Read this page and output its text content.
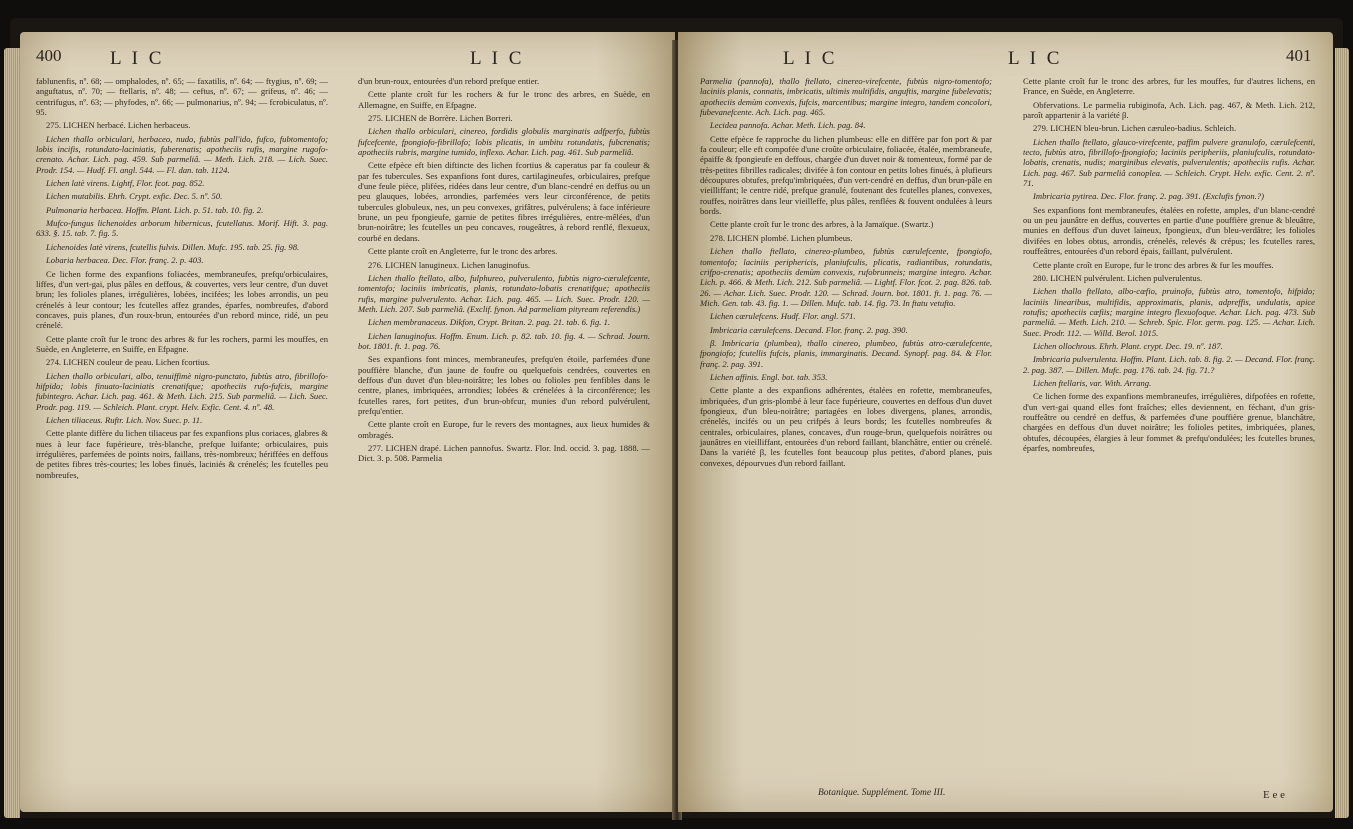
400	L I C	L I C

fablunenfis, nº. 68; — omphalodes, nº. 65; — faxatilis, nº. 64; — ftygius, nº. 69; — anguftatus, nº. 70; — ftellaris, nº. 48; — ceftus, nº. 67; — grifeus, nº. 46; — centrifugus, nº. 63; — phyfodes, nº. 66; — pulmonarius, nº. 94; — fcrobiculatus, nº. 95.

275. LICHEN herbacé. Lichen herbaceus.

Lichen thallo orbiculari, herbaceo, nudo, fubtùs pall'ido, fufco, fubtomentofo; lobis incifis, rotundato-laciniatis, fuberenatis; apotheciis rufis, margine rugofo-crenato. Achar. Lich. pag. 459. Sub parmeliâ. — Meth. Lich. 218. — Lich. Suec. Prodr. 154. — Hudf. Fl. angl. 544. — Fl. dan. tab. 1124.

Lichen latè virens. Lightf, Flor. fcot. pag. 852.

Lichen mutabilis. Ehrh. Crypt. exfic. Dec. 5. nº. 50.

Pulmonaria herbacea. Hoffm. Plant. Lich. p. 51. tab. 10. fig. 2.

Mufco-fungus lichenoides arborum hibernicus, fcutellatus. Morif. Hift. 3. pag. 633. §. 15. tab. 7. fig. 5.

Lichenoides latè virens, fcutellis fulvis. Dillen. Mufc. 195. tab. 25. fig. 98.

Lobaria herbacea. Dec. Flor. franç. 2. p. 403.

Ce lichen forme des expanfions foliacées, membraneufes, prefqu'orbiculaires, liffes, d'un vert-gai, plus pâles en deffous, & couvertes, vers leur centre, d'un duvet brun; les folioles planes, irrégulières, lobées, incifées; les lobes arrondis, un peu crénelés à leur contour; les fcutelles affez grandes, éparfes, nombreufes, d'abord concaves, puis planes, d'un roux-brun, entourées d'un rebord mince, ridé, un peu crénelé.

Cette plante croît fur le tronc des arbres & fur les rochers, parmi les mouffes, en Suède, en Angleterre, en Suiffe, en Efpagne.

274. LICHEN couleur de peau. Lichen fcortius.

Lichen thallo orbiculari, albo, tenuiffimè nigro-punctato, fubtùs atro, fibrillofo-hifpido; lobis finuato-laciniatis crenatifque; apotheciis rufo-fufcis, margine fubintegro. Achar. Lich. pag. 461. & Meth. Lich. 215. Sub parmeliâ. — Lich. Suec. Prodr. pag. 119. — Schleich. Plant. crypt. Helv. Exfic. Cent. 4. nº. 48.

Lichen tiliaceus. Ruftr. Lich. Nov. Suec. p. 11.

Cette plante diffère du lichen tiliaceus par fes expanfions plus coriaces, glabres & nues à leur face fupérieure, très-blanche, prefque luifante; orbiculaires, puis irrégulières, parfemées de points noirs, faillans, très-nombreux; hériffées en deffous de petites fibres très-courtes; les lobes finués, laciniés & crénelés; les fcutelles peu nombreufes,

d'un brun-roux, entourées d'un rebord prefque entier.

Cette plante croît fur les rochers & fur le tronc des arbres, en Suède, en Allemagne, en Suiffe, en Efpagne.

275. LICHEN de Borrère. Lichen Borreri.

Lichen thallo orbiculari, cinereo, fordidis globulis marginatis adfperfo, fubtùs fufcefcente, fpongiofo-fibrillofo; lobis plicatis, in umbitu rotundatis, fubcrenatis; apotheciis rubris, margine tumido, inflexo. Achar. Lich. pag. 461. Sub parmeliâ.

Cette efpèce eft bien diftincte des lichen fcortius & caperatus par fa couleur & par fes tubercules. Ses expanfions font dures, cartilagineufes, orbiculaires, prefque d'une feule pièce, plifées, ridées dans leur centre, d'un blanc-cendré en deffus ou un peu glauques, lobées, arrondies, parfemées vers leur circonférence, de petits tubercules globuleux, nes, un peu convexes, grifâtres, pulvérulens; à face inférieure brune, un peu fpongieufe, garnie de petites fibres irrégulières, entre-mêlées, d'un brun-noirâtre; les fcutelles un peu concaves, rougeâtres, à rebord renflé, flexueux, courbé en dedans.

Cette plante croît en Angleterre, fur le tronc des arbres.

276. LICHEN lanugineux. Lichen lanuginofus.

Lichen thallo ftellato, albo, fulphureo, pulverulento, fubtùs nigro-cærulefcente, tomentofo; laciniis imbricatis, planis, rotundato-lobatis crenatifque; apotheciis rufis, margine pulverulento. Achar. Lich. pag. 465. — Lich. Suec. Prodr. 120. — Meth. Lich. 207. Sub parmeliâ. (Exclif. fynon. Ad parmeliam pityream referendis.)

Lichen membranaceus. Dikfon, Crypt. Britan. 2. pag. 21. tab. 6. fig. 1.

Lichen lanuginofus. Hoffm. Enum. Lich. p. 82. tab. 10. fig. 4. — Schrad. Journ. bot. 1801. ft. 1. pag. 76.

Ses expanfions font minces, membraneufes, prefqu'en étoile, parfemées d'une pouffière blanche, d'un jaune de foufre ou quelquefois cendrées, couvertes en deffous d'un duvet d'un bleu-noirâtre; les lobes ou folioles peu fenfibles dans le centre, planes, imbriquées, arrondies; lobées & crénelées à la circonférence; les fcutelles rares, fort petites, d'un brun-obfcur, munies d'un rebord pulvérulent, prefqu'entier.

Cette plante croît en Europe, fur le revers des montagnes, aux lieux humides & ombragés.

277. LICHEN drapé. Lichen pannofus. Swartz. Flor. Ind. occid. 3. pag. 1888. — Dict. 3. p. 508. Parmelia

L I C	L I C	401

Parmelia (pannofa), thallo ftellato, cinereo-virefcente, fubtùs nigro-tomentofo; laciniis planis, connatis, imbricatis, ultimis multifidis, anguftis, margine fubelevatis; apotheciis demùm convexis, fufcis, marcentibus; margine integro, tandem concolori, fubevanefcente. Ach. Lich. pag. 465.

Lecidea pannofa. Achar. Meth. Lich. pag. 84.

Cette efpèce fe rapproche du lichen plumbeus: elle en diffère par fon port & par fa couleur; elle eft compofée d'une croûte orbiculaire, foliacée, étalée, membraneufe, épaiffe & fpongieufe en deffous, chargée d'un duvet noir & tomenteux, formé par de très-petites fibrilles radicales; divifée à fon contour en petits lobes finués, à plufieurs découpures obtufes, prefqu'imbriquées, d'un vert-cendré en deffus, d'un brun-pâle en vieilliffant; le centre ridé, prefque granulé, foutenant des fcutelles planes, convexes, rouffes, noirâtres dans leur vieilleffe, plus pâles, renflées & fouvent ondulées à leurs bords.

Cette plante croît fur le tronc des arbres, à la Jamaïque. (Swartz.)

278. LICHEN plombé. Lichen plumbeus.

Lichen thallo ftellato, cinereo-plumbeo, fubtùs cærulefcente, fpongiofo, tomentofo; laciniis periphericis, planiufculis, plicatis, radiantibus, rotundatis, crifpo-crenatis; apotheciis demùm convexis, rufobrunneis; margine integro. Achar. Lich. p. 466. & Meth. Lich. 212. Sub parmeliâ. — Lightf. Flor. fcot. 2. pag. 826. tab. 26. — Achar. Lich. Suec. Prodr. 120. — Schrad. Journ. bot. 1801. ft. 1. pag. 76. — Mich. Gen. tab. 43. fig. 1. — Dillen. Mufc. tab. 14. fig. 73. In ftatu vetufto.

Lichen cærulefcens. Hudf. Flor. angl. 571.

Imbricaria cærulefcens. Decand. Flor. franç. 2. pag. 390.

β. Imbricaria (plumbea), thallo cinereo, plumbeo, fubtùs atro-cærulefcente, fpongiofo; fcutellis fufcis, planis, immarginatis. Decand. Synopf. pag. 84. & Flor. franç. 2. pag. 391.

Lichen affinis. Engl. bot. tab. 353.

Cette plante a des expanfions adhérentes, étalées en rofette, membraneufes, imbriquées, d'un gris-plombé à leur face fupérieure, couvertes en deffous d'un duvet fpongieux, d'un bleu-noirâtre; partagées en lobes divergens, planes, arrondis, crénelés, incifés ou un peu crifpés à leurs bords; les fcutelles nombreufes & centrales, orbiculaires, planes, concaves, d'un rouge-brun, quelquefois noirâtres ou jaunâtres en vieilliffant, entourées d'un rebord faillant, blanchâtre, entier ou crénelé. Dans la variété β, les fcutelles font beaucoup plus petites, d'abord planes, puis convexes, dépourvues d'un rebord faillant.

Cette plante croît fur le tronc des arbres, fur les mouffes, fur d'autres lichens, en France, en Suède, en Angleterre.

Obfervations. Le parmelia rubiginofa, Ach. Lich. pag. 467, & Meth. Lich. 212, paroît appartenir à la variété β.

279. LICHEN bleu-brun. Lichen cæruleo-badius. Schleich.

Lichen thallo ftellato, glauco-virefcente, paffim pulvere granulofo, cærulefcenti, tecto, fubtùs atro, fibrillofo-fpongiofo; laciniis peripheriis, planiufculis, rotundato-lobatis, crenatis, nudis; marginibus elevatis, pulverulentis; apotheciis rufis. Achar. Lich. pag. 467. Sub parmeliâ conoplea. — Schleich. Crypt. Helv. exfic. Cent. 2. nº. 71.

Imbricaria pytirea. Dec. Flor. franç. 2. pag. 391. (Exclufis fynon.?)

Ses expanfions font membraneufes, étalées en rofette, amples, d'un blanc-cendré ou un peu jaunâtre en deffus, couvertes en partie d'une pouffière grenue & bleuâtre, munies en deffous d'un duvet laineux, fpongieux, d'un bleu-verdâtre; les folioles divifées en lobes obtus, arrondis, crénelés, relevés & crépus; les fcutelles rares, rouffeâtres, entourées d'un rebord épais, faillant, pulvérulent.

Cette plante croît en Europe, fur le tronc des arbres & fur les mouffes.

280. LICHEN pulvérulent. Lichen pulverulentus.

Lichen thallo ftellato, albo-cæfio, pruinofo, fubtùs atro, tomentofo, hifpido; laciniis linearibus, multifidis, approximatis, planis, adpreffis, undulatis, apice rotufis; apotheciis cæfiis; margine integro flexuofoque. Achar. Lich. pag. 473. Sub parmeliâ. — Meth. Lich. 210. — Schreb. Spic. Flor. germ. pag. 125. — Achar. Lich. Suec. Prodr. 112. — Willd. Berol. 1015.

Lichen ollochrous. Ehrh. Plant. crypt. Dec. 19. nº. 187.

Imbricaria pulverulenta. Hoffm. Plant. Lich. tab. 8. fig. 2. — Decand. Flor. franç. 2. pag. 387. — Dillen. Mufc. pag. 176. tab. 24. fig. 71.?

Lichen ftellaris, var. With. Arrang.

Ce lichen forme des expanfions membraneufes, irrégulières, difpofées en rofette, d'un vert-gai quand elles font fraîches; elles deviennent, en féchant, d'un gris-rouffeâtre ou cendré en deffus, & parfemées d'une pouffière grenue, blanchâtre, chargées en deffous d'un duvet noirâtre; les folioles petites, imbriquées, planes, obtufes, découpées, élargies à leur fommet & prefqu'ondulées; les fcutelles brunes, éparfes, nombreufes,

Botanique. Supplément. Tome III.	E e e
